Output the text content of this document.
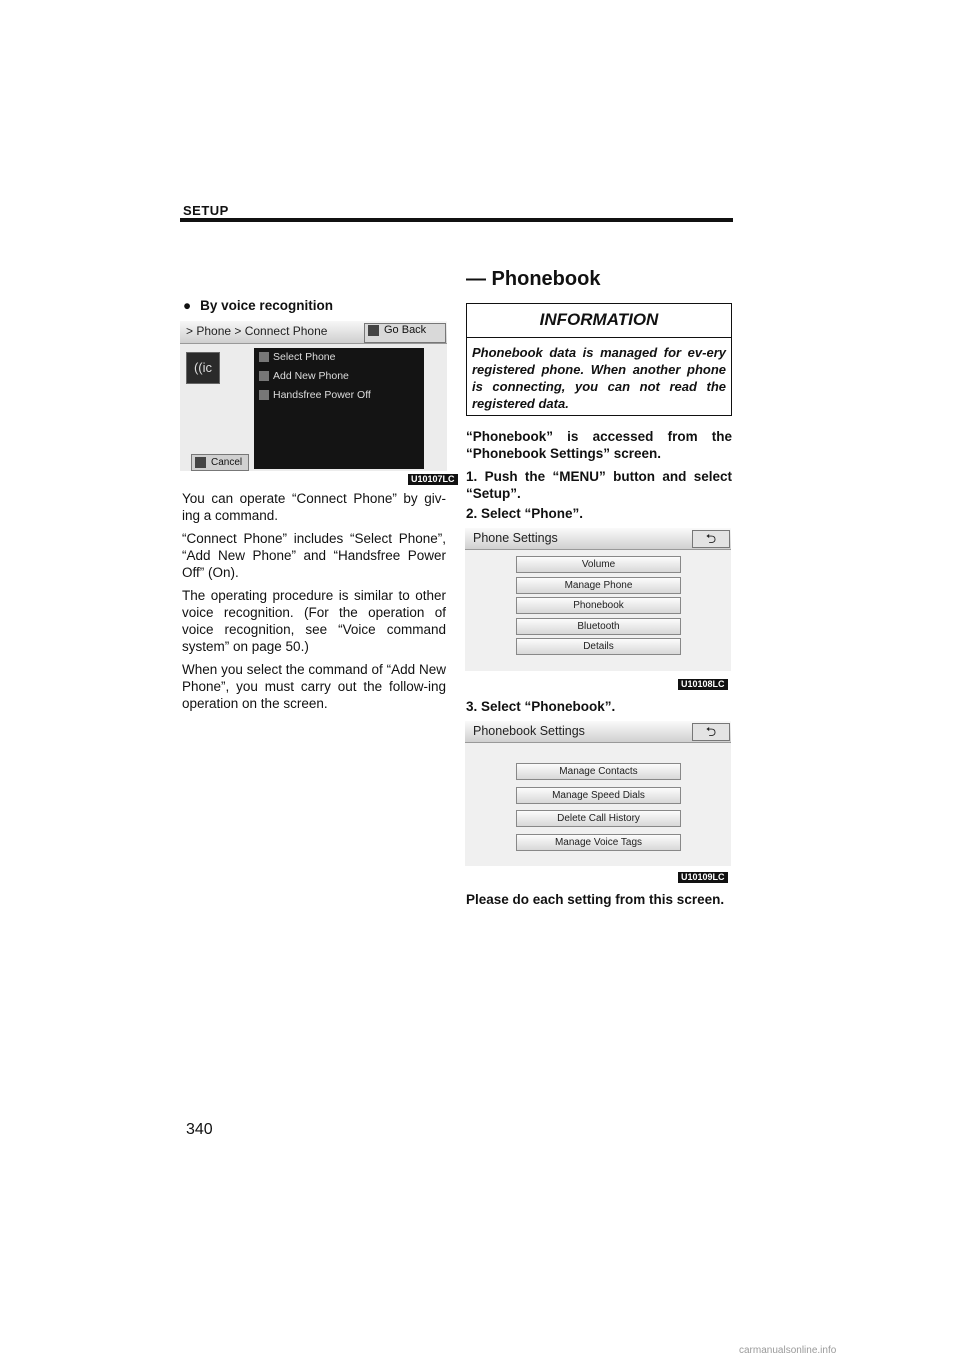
SETUP
— Phonebook
● By voice recognition
> Phone > Connect Phone	Go Back
((ic
Select Phone
Add New Phone
Handsfree Power Off
Cancel
U10107LC

You can operate “Connect Phone” by giv-ing a command.

“Connect Phone” includes “Select Phone”, “Add New Phone” and “Handsfree Power Off” (On).

The operating procedure is similar to other voice recognition. (For the operation of voice recognition, see “Voice command system” on page 50.)

When you select the command of “Add New Phone”, you must carry out the follow-ing operation on the screen.

INFORMATION
Phonebook data is managed for ev-ery registered phone. When another phone is connecting, you can not read the registered data.

“Phonebook” is accessed from the “Phonebook Settings” screen.

1. Push the “MENU” button and select “Setup”.

2. Select “Phone”.

Phone Settings	⮌
Volume
Manage Phone
Phonebook
Bluetooth
Details
U10108LC

3. Select “Phonebook”.

Phonebook Settings	⮌
Manage Contacts
Manage Speed Dials
Delete Call History
Manage Voice Tags
U10109LC

Please do each setting from this screen.

340
carmanualsonline.info
